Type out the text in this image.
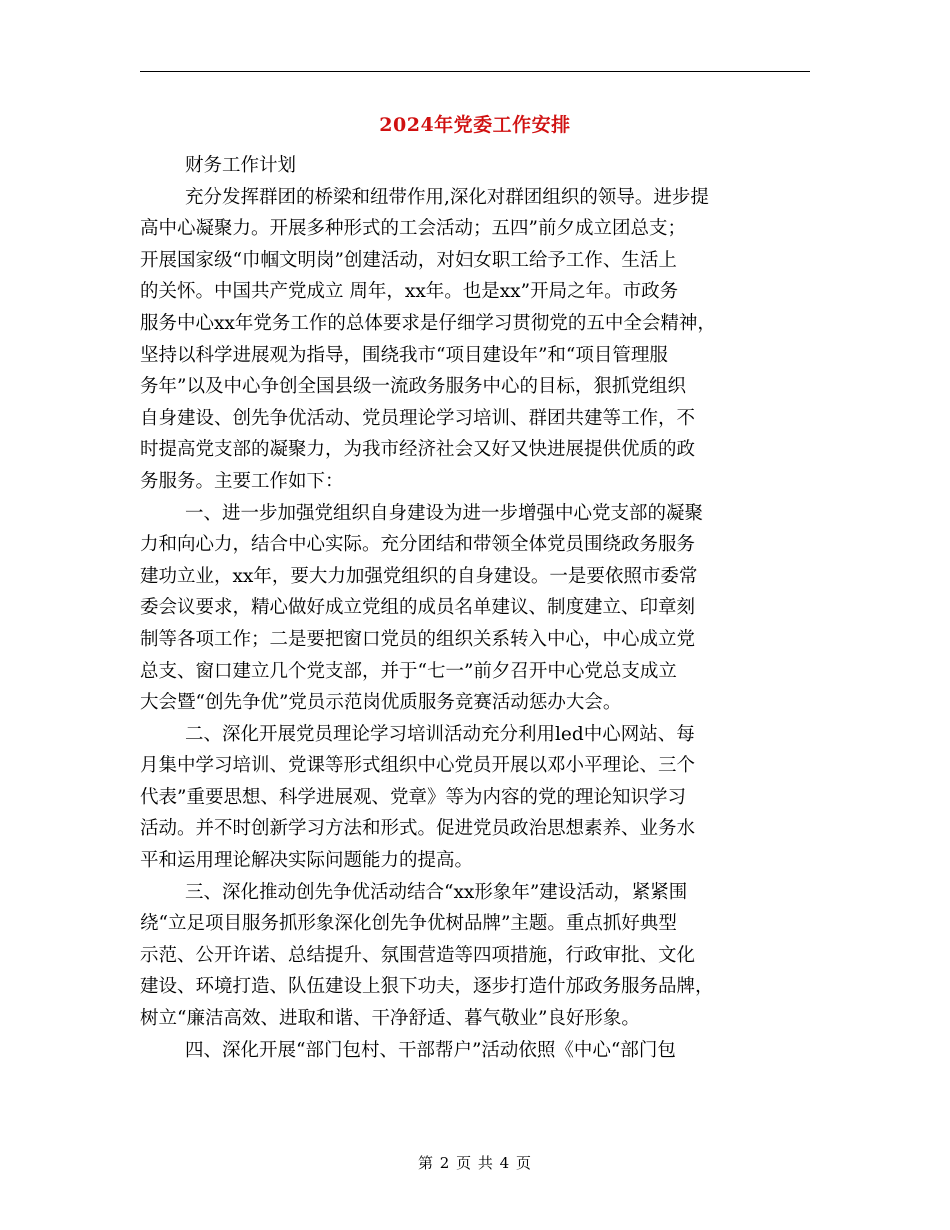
2024年党委工作安排
财务工作计划
充分发挥群团的桥梁和纽带作用,深化对群团组织的领导。进步提
高中心凝聚力。开展多种形式的工会活动；五四”前夕成立团总支；
开展国家级“巾帼文明岗”创建活动，对妇女职工给予工作、生活上
的关怀。中国共产党成立 周年，xx年。也是xx”开局之年。市政务
服务中心xx年党务工作的总体要求是仔细学习贯彻党的五中全会精神，
坚持以科学进展观为指导，围绕我市“项目建设年”和“项目管理服
务年”以及中心争创全国县级一流政务服务中心的目标，狠抓党组织
自身建设、创先争优活动、党员理论学习培训、群团共建等工作，不
时提高党支部的凝聚力，为我市经济社会又好又快进展提供优质的政
务服务。主要工作如下：
一、进一步加强党组织自身建设为进一步增强中心党支部的凝聚
力和向心力，结合中心实际。充分团结和带领全体党员围绕政务服务
建功立业，xx年，要大力加强党组织的自身建设。一是要依照市委常
委会议要求，精心做好成立党组的成员名单建议、制度建立、印章刻
制等各项工作；二是要把窗口党员的组织关系转入中心，中心成立党
总支、窗口建立几个党支部，并于“七一”前夕召开中心党总支成立
大会暨“创先争优”党员示范岗优质服务竞赛活动惩办大会。
二、深化开展党员理论学习培训活动充分利用led中心网站、每
月集中学习培训、党课等形式组织中心党员开展以邓小平理论、三个
代表”重要思想、科学进展观、党章》等为内容的党的理论知识学习
活动。并不时创新学习方法和形式。促进党员政治思想素养、业务水
平和运用理论解决实际问题能力的提高。
三、深化推动创先争优活动结合“xx形象年”建设活动，紧紧围
绕“立足项目服务抓形象深化创先争优树品牌”主题。重点抓好典型
示范、公开许诺、总结提升、氛围营造等四项措施，行政审批、文化
建设、环境打造、队伍建设上狠下功夫，逐步打造什邡政务服务品牌，
树立“廉洁高效、进取和谐、干净舒适、暮气敬业”良好形象。
四、深化开展“部门包村、干部帮户”活动依照《中心“部门包
第 2 页 共 4 页
